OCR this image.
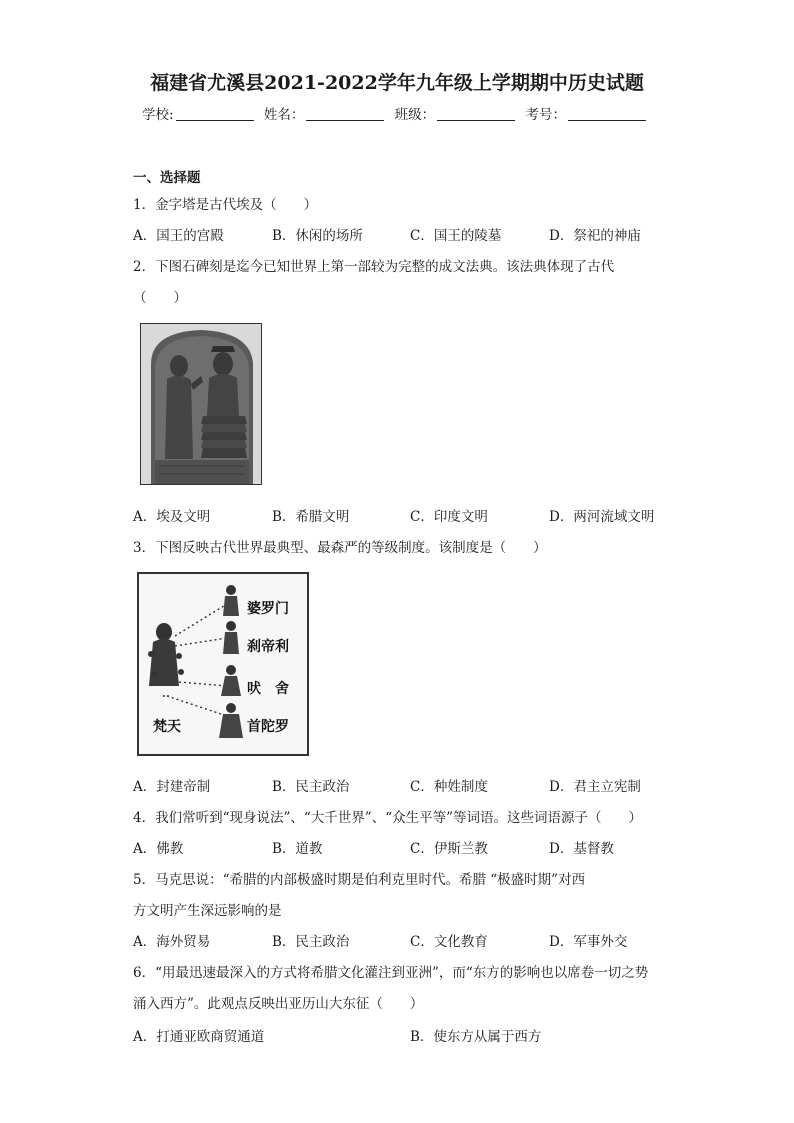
福建省尤溪县2021-2022学年九年级上学期期中历史试题
学校:	姓名：	班级：	考号：
一、选择题
1．金字塔是古代埃及（　　）
A．国王的宫殿	B．休闲的场所	C．国王的陵墓	D．祭祀的神庙
2．下图石碑刻是迄今已知世界上第一部较为完整的成文法典。该法典体现了古代
（　　）
A．埃及文明	B．希腊文明	C．印度文明	D．两河流域文明
3．下图反映古代世界最典型、最森严的等级制度。该制度是（　　）
婆罗门
刹帝利
吠　舍
首陀罗
梵天
A．封建帝制	B．民主政治	C．种姓制度	D．君主立宪制
4．我们常听到“现身说法”、“大千世界”、“众生平等”等词语。这些词语源子（　　）
A．佛教	B．道教	C．伊斯兰教	D．基督教
5．马克思说：“希腊的内部极盛时期是伯利克里时代。希腊 “极盛时期”对西
方文明产生深远影响的是
A．海外贸易	B．民主政治	C．文化教育	D．军事外交
6．“用最迅速最深入的方式将希腊文化灌注到亚洲”，而“东方的影响也以席卷一切之势
涌入西方”。此观点反映出亚历山大东征（　　）
A．打通亚欧商贸通道	B．使东方从属于西方
